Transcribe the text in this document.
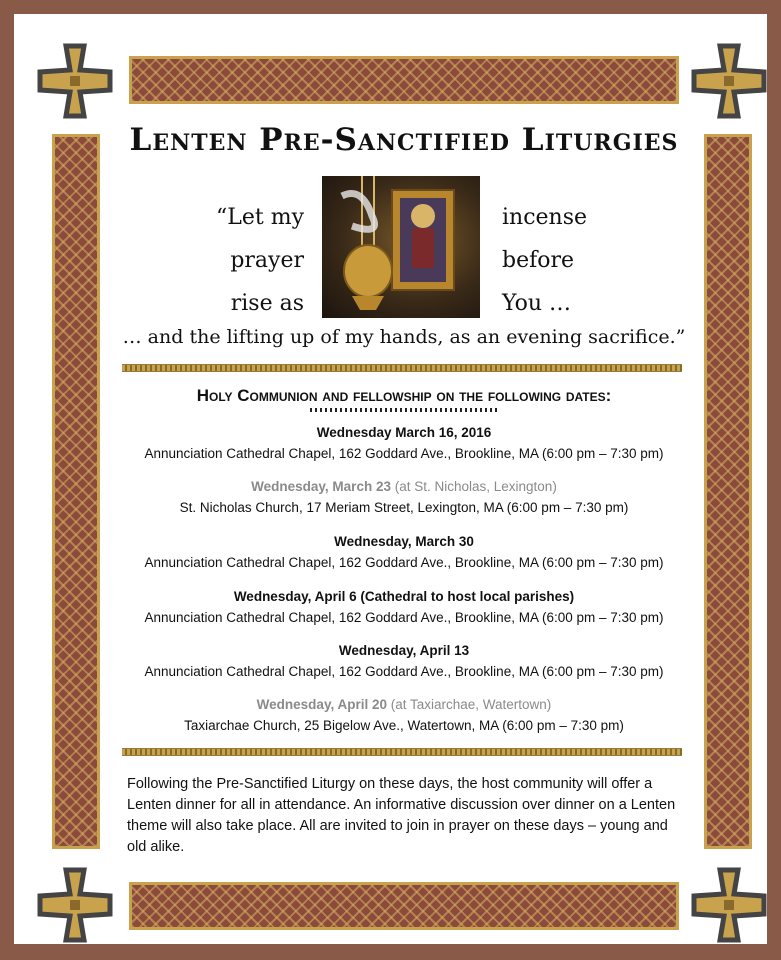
Lenten Pre-Sanctified Liturgies
“Let my
prayer
rise as
incense
before
You …
… and the lifting up of my hands, as an evening sacrifice.”
Holy Communion and fellowship on the following dates:
Wednesday March 16, 2016
Annunciation Cathedral Chapel, 162 Goddard Ave., Brookline, MA (6:00 pm – 7:30 pm)
Wednesday, March 23 (at St. Nicholas, Lexington)
St. Nicholas Church, 17 Meriam Street, Lexington, MA (6:00 pm – 7:30 pm)
Wednesday, March 30
Annunciation Cathedral Chapel, 162 Goddard Ave., Brookline, MA (6:00 pm – 7:30 pm)
Wednesday, April 6 (Cathedral to host local parishes)
Annunciation Cathedral Chapel, 162 Goddard Ave., Brookline, MA (6:00 pm – 7:30 pm)
Wednesday, April 13
Annunciation Cathedral Chapel, 162 Goddard Ave., Brookline, MA (6:00 pm – 7:30 pm)
Wednesday, April 20 (at Taxiarchae, Watertown)
Taxiarchae Church, 25 Bigelow Ave., Watertown, MA (6:00 pm – 7:30 pm)
Following the Pre-Sanctified Liturgy on these days, the host community will offer a Lenten dinner for all in attendance. An informative discussion over dinner on a Lenten theme will also take place. All are invited to join in prayer on these days – young and old alike.
